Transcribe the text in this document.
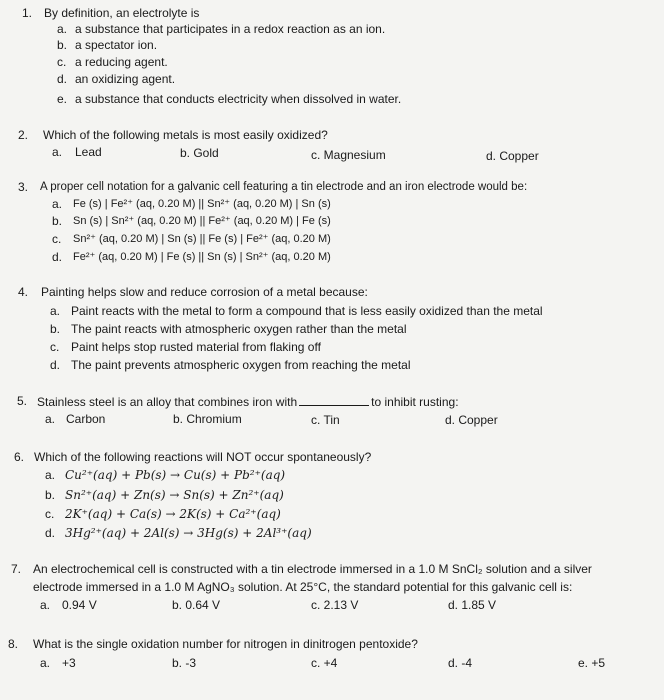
1. By definition, an electrolyte is
a. a substance that participates in a redox reaction as an ion.
b. a spectator ion.
c. a reducing agent.
d. an oxidizing agent.
e. a substance that conducts electricity when dissolved in water.
2. Which of the following metals is most easily oxidized?
a. Lead	b. Gold	c. Magnesium	d. Copper
3. A proper cell notation for a galvanic cell featuring a tin electrode and an iron electrode would be:
a. Fe (s) | Fe²⁺ (aq, 0.20 M) || Sn²⁺ (aq, 0.20 M) | Sn (s)
b. Sn (s) | Sn²⁺ (aq, 0.20 M) || Fe²⁺ (aq, 0.20 M) | Fe (s)
c. Sn²⁺ (aq, 0.20 M) | Sn (s) || Fe (s) | Fe²⁺ (aq, 0.20 M)
d. Fe²⁺ (aq, 0.20 M) | Fe (s) || Sn (s) | Sn²⁺ (aq, 0.20 M)
4. Painting helps slow and reduce corrosion of a metal because:
a. Paint reacts with the metal to form a compound that is less easily oxidized than the metal
b. The paint reacts with atmospheric oxygen rather than the metal
c. Paint helps stop rusted material from flaking off
d. The paint prevents atmospheric oxygen from reaching the metal
5. Stainless steel is an alloy that combines iron with	to inhibit rusting:
a. Carbon	b. Chromium	c. Tin	d. Copper
6. Which of the following reactions will NOT occur spontaneously?
a. Cu²⁺(aq) + Pb(s) → Cu(s) + Pb²⁺(aq)
b. Sn²⁺(aq) + Zn(s) → Sn(s) + Zn²⁺(aq)
c. 2K⁺(aq) + Ca(s) → 2K(s) + Ca²⁺(aq)
d. 3Hg²⁺(aq) + 2Al(s) → 3Hg(s) + 2Al³⁺(aq)
7. An electrochemical cell is constructed with a tin electrode immersed in a 1.0 M SnCl₂ solution and a silver
electrode immersed in a 1.0 M AgNO₃ solution. At 25°C, the standard potential for this galvanic cell is:
a. 0.94 V	b. 0.64 V	c. 2.13 V	d. 1.85 V
8. What is the single oxidation number for nitrogen in dinitrogen pentoxide?
a. +3	b. -3	c. +4	d. -4	e. +5
